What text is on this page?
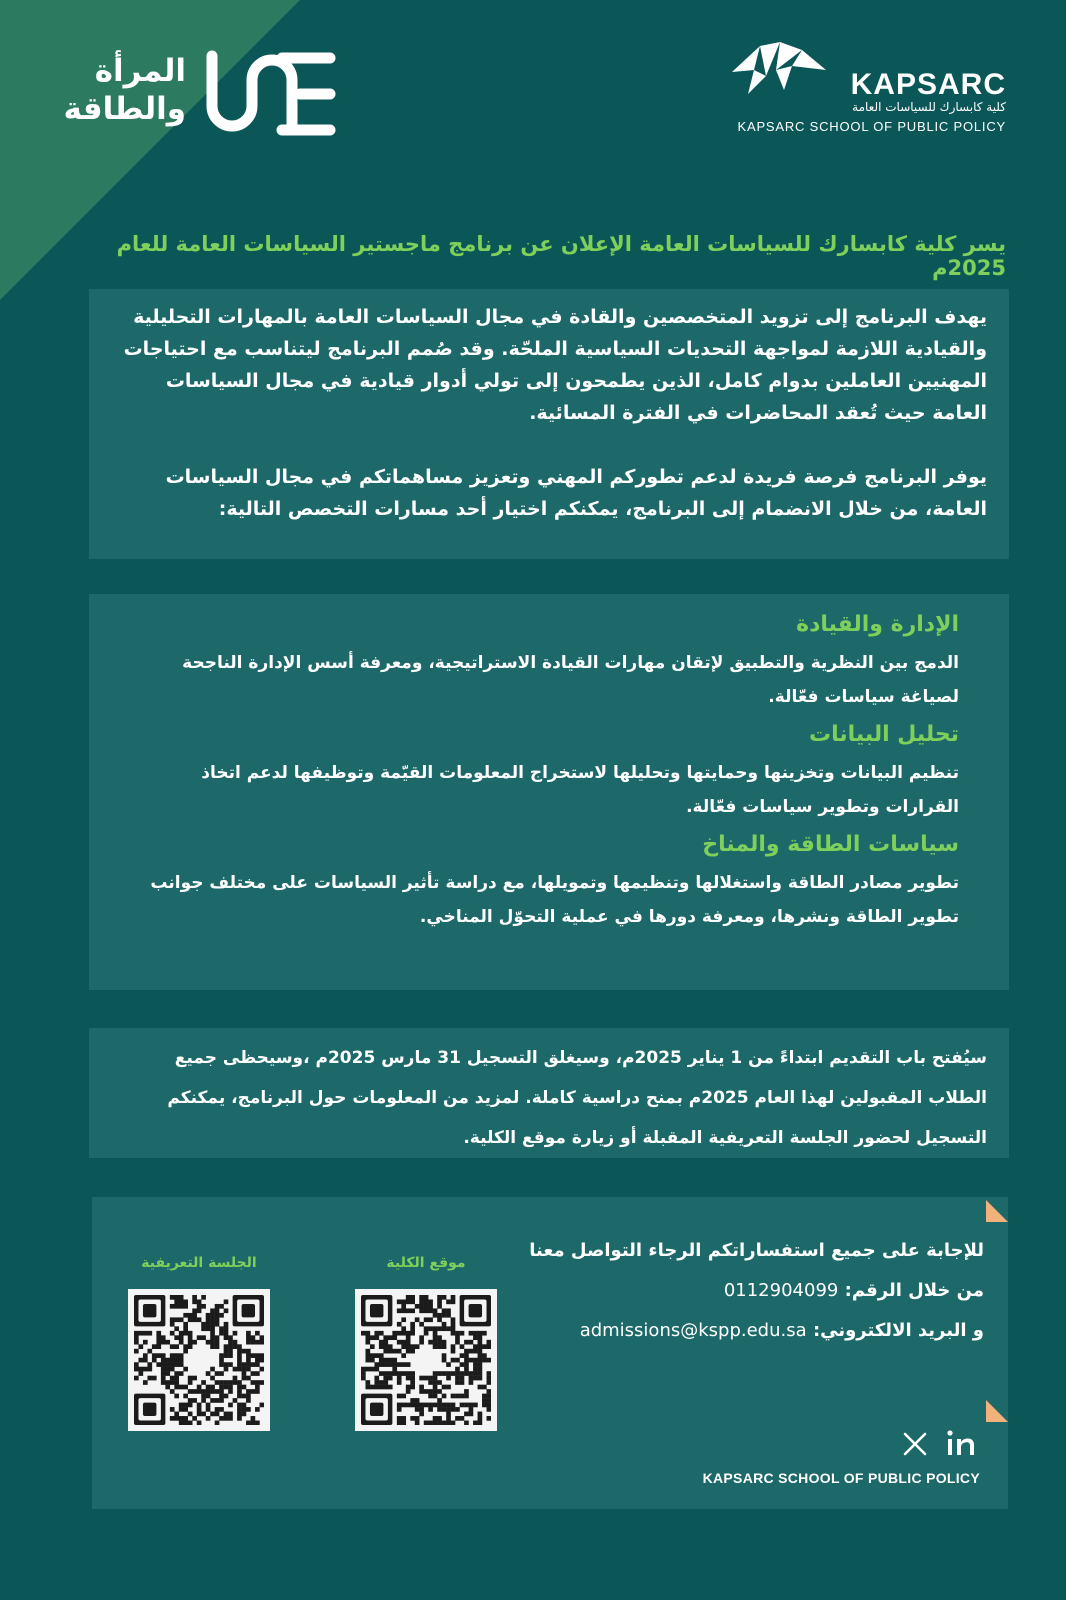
المرأة
والطاقة
KAPSARC
كلية كابسارك للسياسات العامة
KAPSARC SCHOOL OF PUBLIC POLICY
يسر كلية كابسارك للسياسات العامة الإعلان عن برنامج ماجستير السياسات العامة للعام 2025م

يهدف البرنامج إلى تزويد المتخصصين والقادة في مجال السياسات العامة بالمهارات التحليلية والقيادية اللازمة لمواجهة التحديات السياسية الملحّة. وقد صُمم البرنامج ليتناسب مع احتياجات المهنيين العاملين بدوام كامل، الذين يطمحون إلى تولي أدوار قيادية في مجال السياسات العامة حيث تُعقد المحاضرات في الفترة المسائية.

يوفر البرنامج فرصة فريدة لدعم تطوركم المهني وتعزيز مساهماتكم في مجال السياسات العامة، من خلال الانضمام إلى البرنامج، يمكنكم اختيار أحد مسارات التخصص التالية:

الإدارة والقيادة

الدمج بين النظرية والتطبيق لإتقان مهارات القيادة الاستراتيجية، ومعرفة أسس الإدارة الناجحة لصياغة سياسات فعّالة.

تحليل البيانات

تنظيم البيانات وتخزينها وحمايتها وتحليلها لاستخراج المعلومات القيّمة وتوظيفها لدعم اتخاذ القرارات وتطوير سياسات فعّالة.

سياسات الطاقة والمناخ

تطوير مصادر الطاقة واستغلالها وتنظيمها وتمويلها، مع دراسة تأثير السياسات على مختلف جوانب تطوير الطاقة ونشرها، ومعرفة دورها في عملية التحوّل المناخي.

سيُفتح باب التقديم ابتداءً من 1 يناير 2025م، وسيغلق التسجيل 31 مارس 2025م ،وسيحظى جميع الطلاب المقبولين لهذا العام 2025م بمنح دراسية كاملة. لمزيد من المعلومات حول البرنامج، يمكنكم التسجيل لحضور الجلسة التعريفية المقبلة أو زيارة موقع الكلية.

للإجابة على جميع استفساراتكم الرجاء التواصل معنا

من خلال الرقم: 0112904099

و البريد الالكتروني: admissions@kspp.edu.sa

موقع الكلية
الجلسة التعريفية
KAPSARC SCHOOL OF PUBLIC POLICY
